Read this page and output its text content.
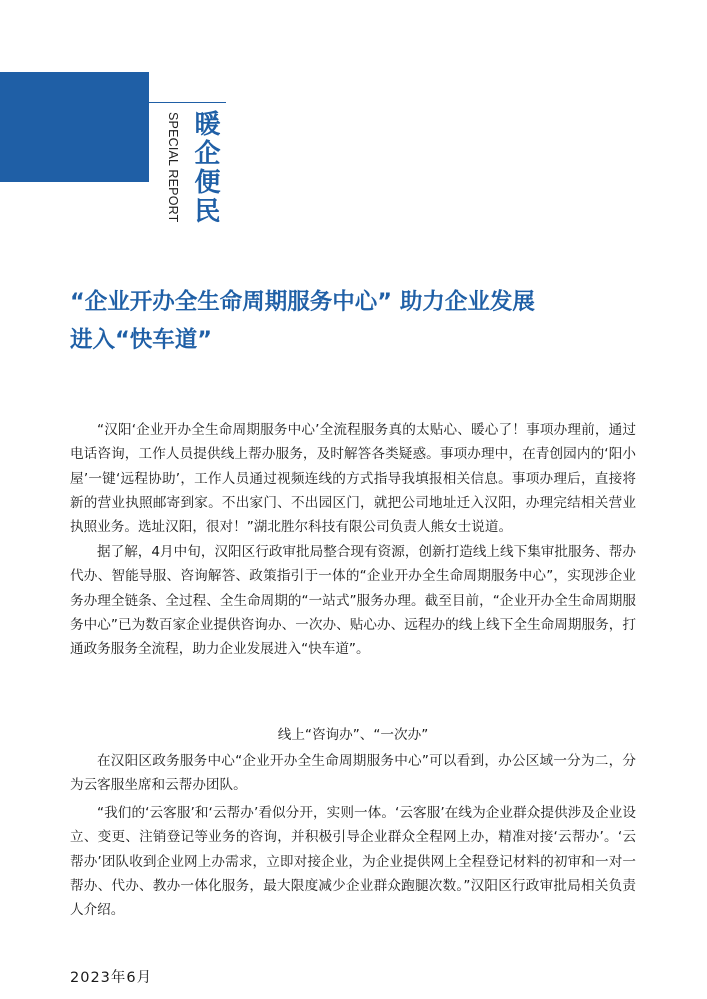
SPECIAL REPORT 暖企便民
“企业开办全生命周期服务中心” 助力企业发展
进入“快车道”

“汉阳‘企业开办全生命周期服务中心’全流程服务真的太贴心、暖心了！事项办理前，通过电话咨询，工作人员提供线上帮办服务，及时解答各类疑惑。事项办理中，在青创园内的‘阳小屋’一键‘远程协助’，工作人员通过视频连线的方式指导我填报相关信息。事项办理后，直接将新的营业执照邮寄到家。不出家门、不出园区门，就把公司地址迁入汉阳，办理完结相关营业执照业务。选址汉阳，很对！”湖北胜尔科技有限公司负责人熊女士说道。

据了解，4月中旬，汉阳区行政审批局整合现有资源，创新打造线上线下集审批服务、帮办代办、智能导服、咨询解答、政策指引于一体的“企业开办全生命周期服务中心”，实现涉企业务办理全链条、全过程、全生命周期的“一站式”服务办理。截至目前，“企业开办全生命周期服务中心”已为数百家企业提供咨询办、一次办、贴心办、远程办的线上线下全生命周期服务，打通政务服务全流程，助力企业发展进入“快车道”。

线上“咨询办”、“一次办”

在汉阳区政务服务中心“企业开办全生命周期服务中心”可以看到，办公区域一分为二，分为云客服坐席和云帮办团队。

“我们的‘云客服’和‘云帮办’看似分开，实则一体。‘云客服’在线为企业群众提供涉及企业设立、变更、注销登记等业务的咨询，并积极引导企业群众全程网上办，精准对接‘云帮办’。‘云帮办’团队收到企业网上办需求，立即对接企业，为企业提供网上全程登记材料的初审和一对一帮办、代办、教办一体化服务，最大限度减少企业群众跑腿次数。”汉阳区行政审批局相关负责人介绍。

2023年6月
